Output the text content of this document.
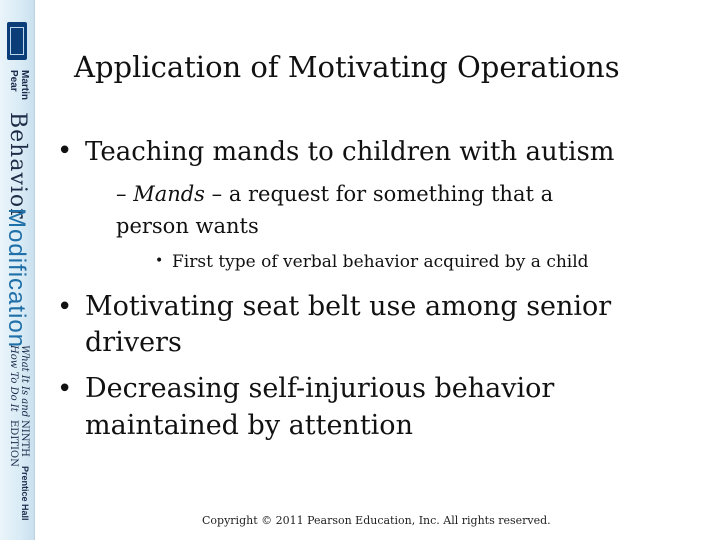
Martin
Pear
Behavior
Modification
What It Is and
How To Do It
NINTH
EDITION
Prentice Hall
Application of Motivating Operations
• Teaching mands to children with autism
– Mands – a request for something that a
person wants
• First type of verbal behavior acquired by a child
• Motivating seat belt use among senior
drivers
• Decreasing self-injurious behavior
maintained by attention
Copyright © 2011 Pearson Education, Inc. All rights reserved.
